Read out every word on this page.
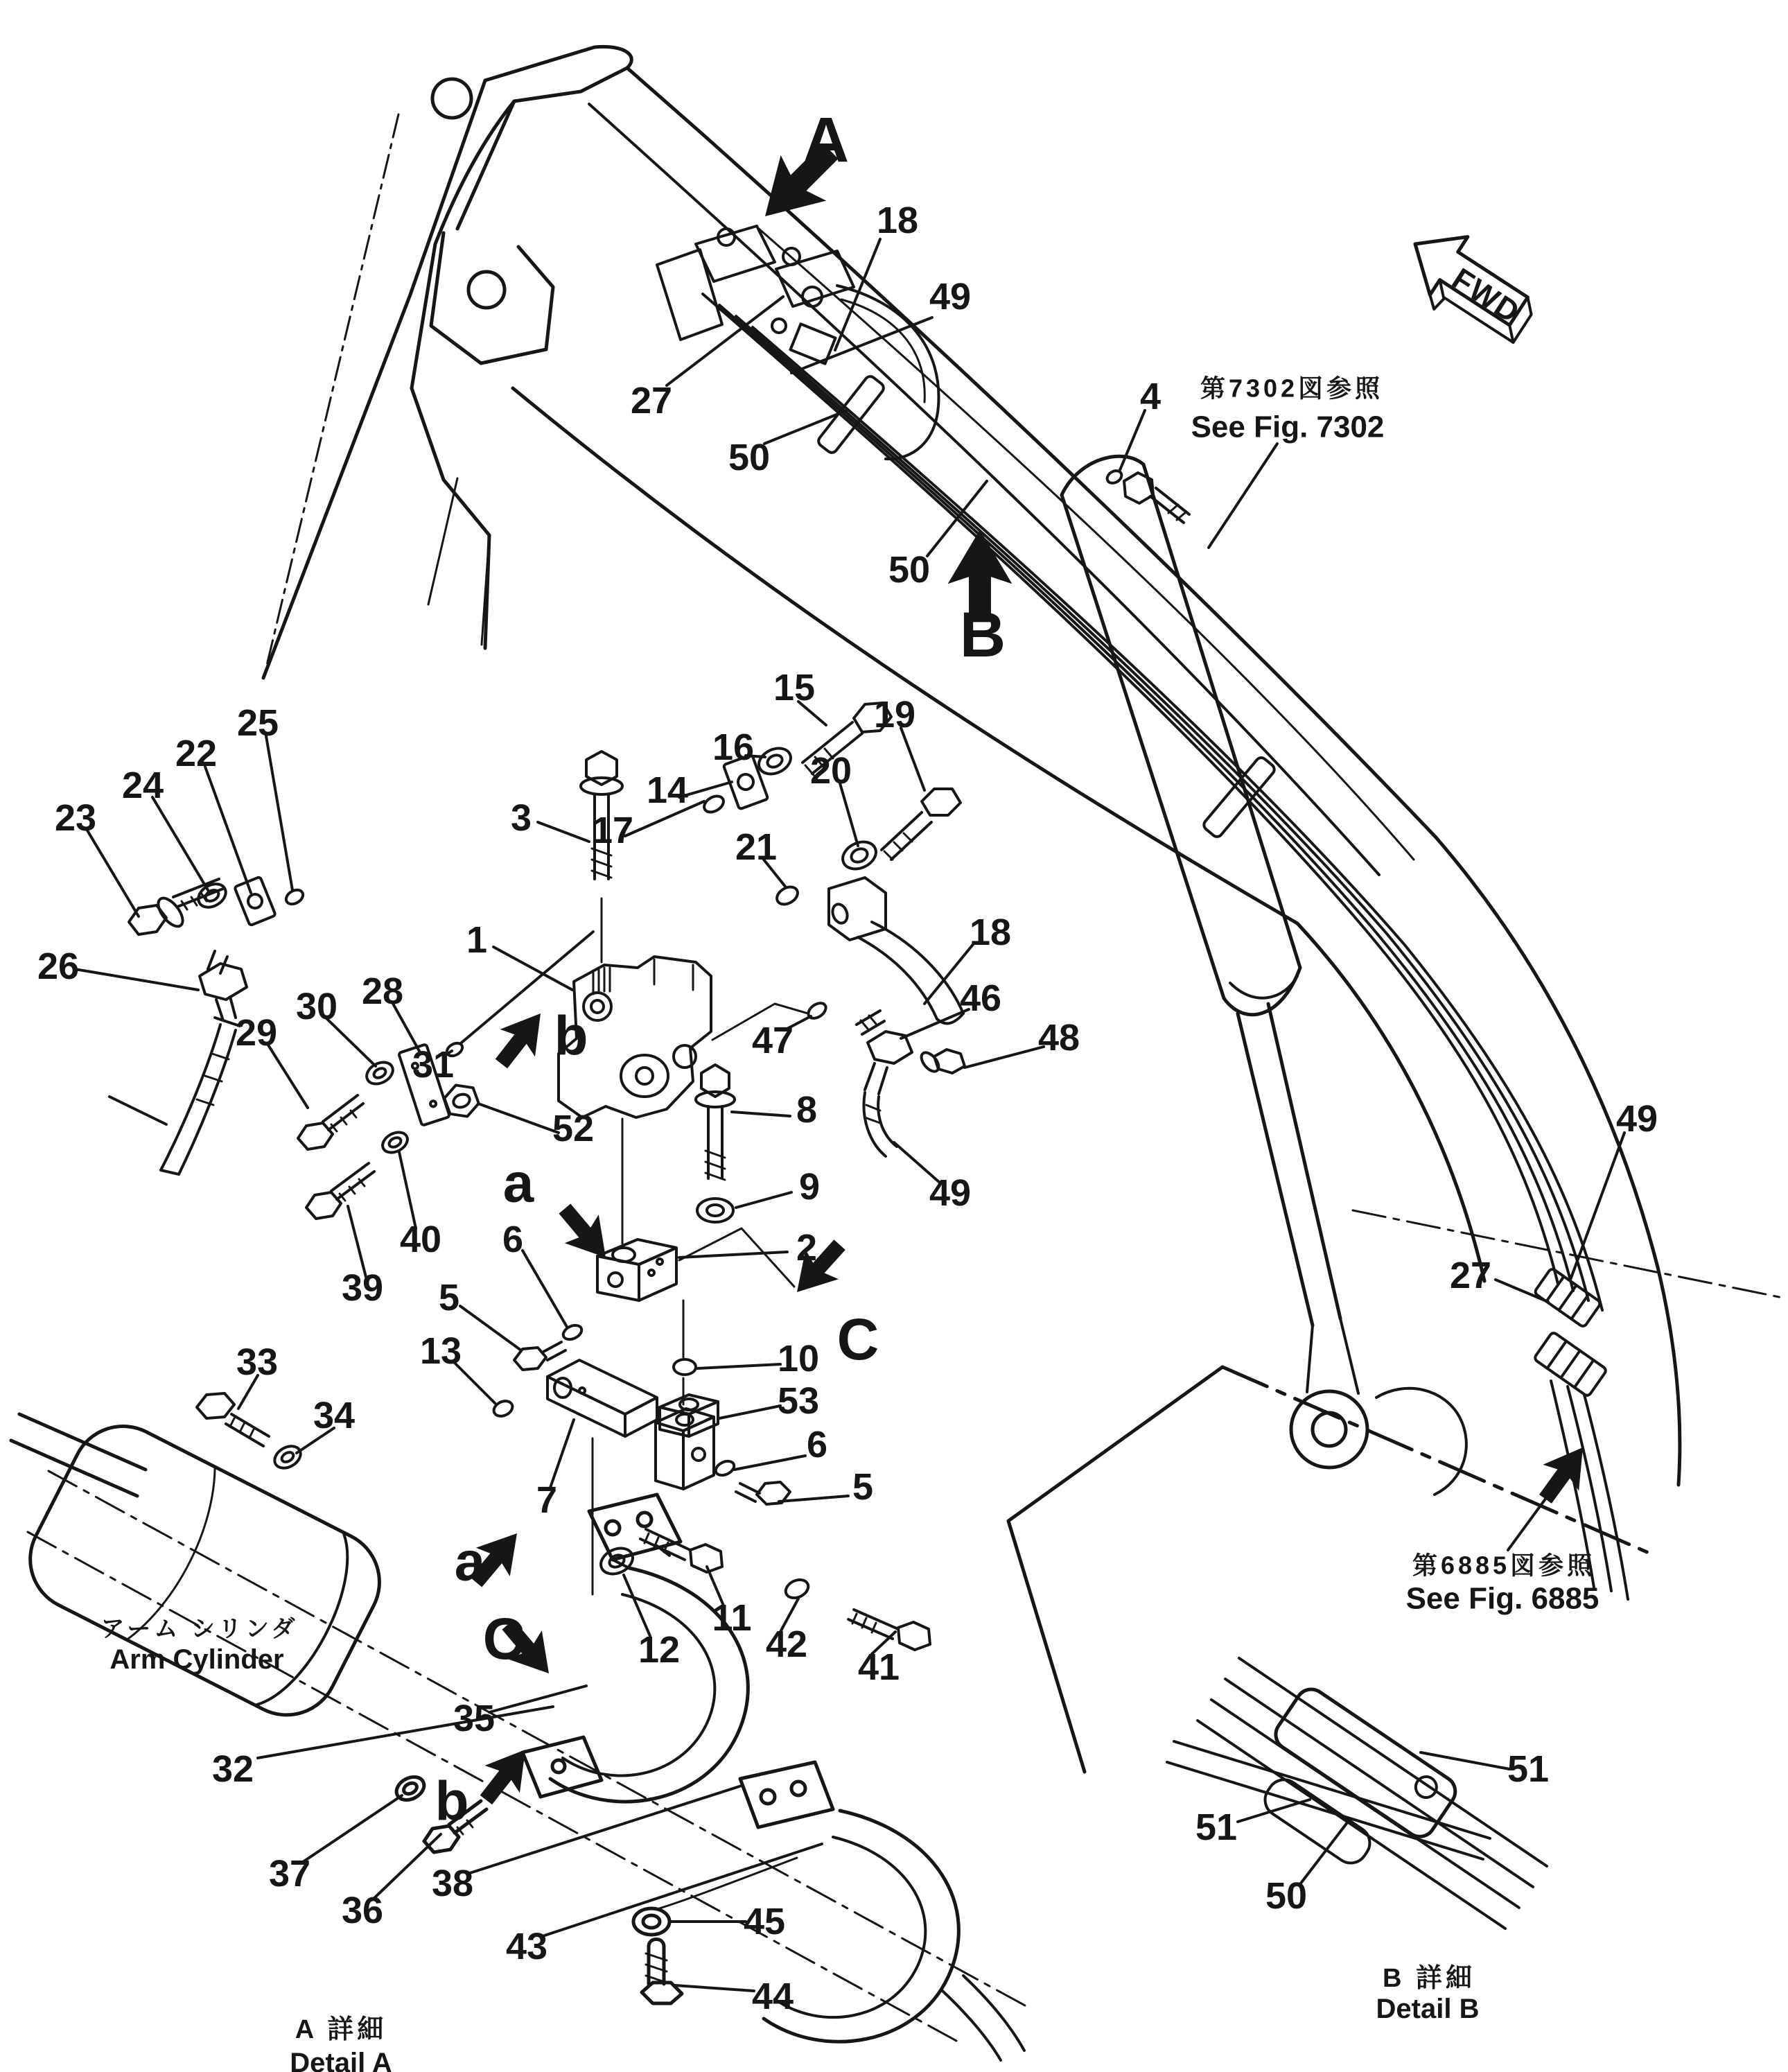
FWD
18
49
27
50
4
50
15
16
14
17
3
25
22
24
23
26
1
21
20
19
18
46
48
47
49
31
28
30
29
52
40
39 5
6
8
9
2
10
53
13
33
34
7
6
5
11
12 42
41
35
32
37
36
38
43
45
44
49
27
51
51
50
A
B
a
b
C
a
C
b
第7302図参照
See Fig. 7302
第6885図参照
See Fig. 6885
アーム シリンダ
Arm Cylinder
A 詳細
Detail A
B 詳細
Detail B
